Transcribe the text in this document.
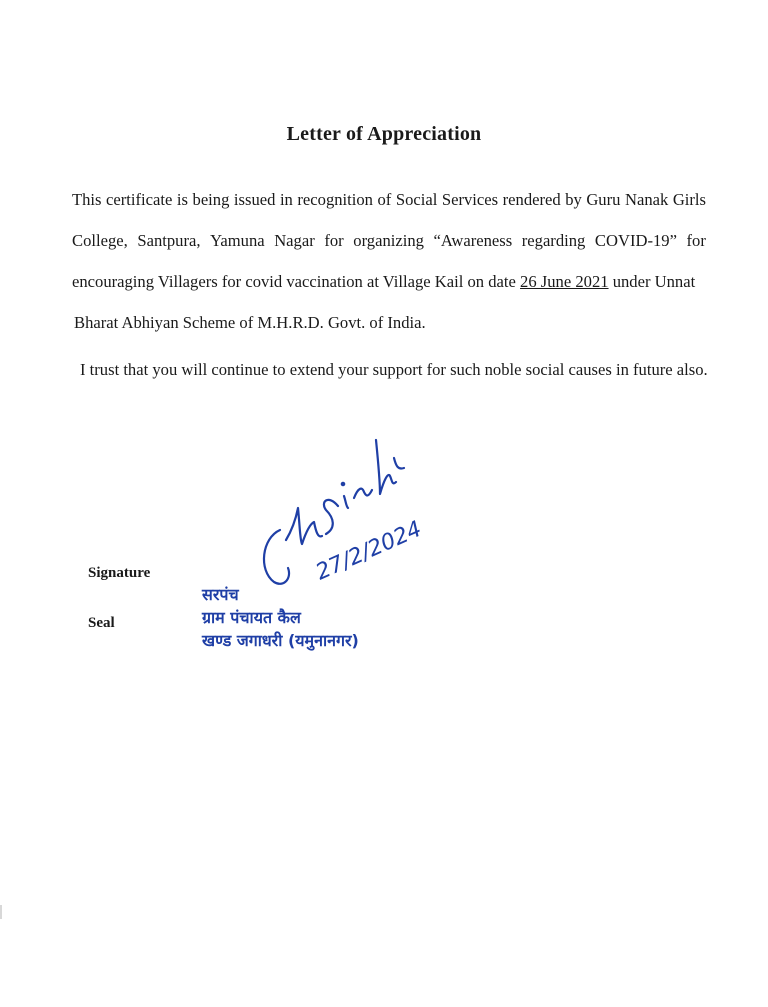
Letter of Appreciation
This certificate is being issued in recognition of Social Services rendered by Guru Nanak Girls
College, Santpura, Yamuna Nagar for organizing “Awareness regarding COVID-19” for
encouraging Villagers for covid vaccination at Village Kail on date 26 June 2021 under Unnat
Bharat Abhiyan Scheme of M.H.R.D. Govt. of India.
I trust that you will continue to extend your support for such noble social causes in future also.
Signature
Seal
27/2/2024
सरपंच
ग्राम पंचायत कैल
खण्ड जगाधरी (यमुनानगर)
